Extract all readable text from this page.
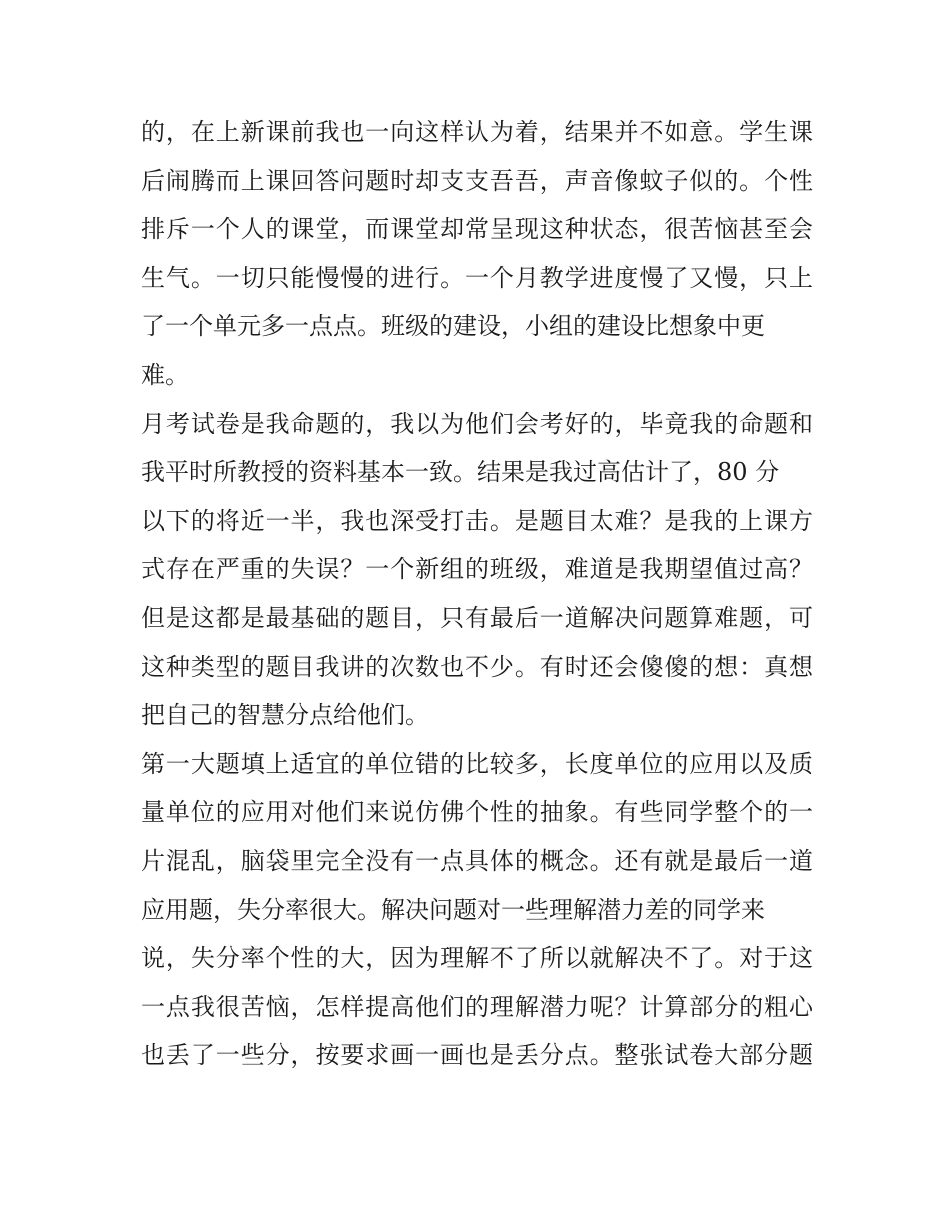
的，在上新课前我也一向这样认为着，结果并不如意。学生课
后闹腾而上课回答问题时却支支吾吾，声音像蚊子似的。个性
排斥一个人的课堂，而课堂却常呈现这种状态，很苦恼甚至会
生气。一切只能慢慢的进行。一个月教学进度慢了又慢，只上
了一个单元多一点点。班级的建设，小组的建设比想象中更
难。
月考试卷是我命题的，我以为他们会考好的，毕竟我的命题和
我平时所教授的资料基本一致。结果是我过高估计了，80 分
以下的将近一半，我也深受打击。是题目太难？是我的上课方
式存在严重的失误？一个新组的班级，难道是我期望值过高？
但是这都是最基础的题目，只有最后一道解决问题算难题，可
这种类型的题目我讲的次数也不少。有时还会傻傻的想：真想
把自己的智慧分点给他们。
第一大题填上适宜的单位错的比较多，长度单位的应用以及质
量单位的应用对他们来说仿佛个性的抽象。有些同学整个的一
片混乱，脑袋里完全没有一点具体的概念。还有就是最后一道
应用题，失分率很大。解决问题对一些理解潜力差的同学来
说，失分率个性的大，因为理解不了所以就解决不了。对于这
一点我很苦恼，怎样提高他们的理解潜力呢？计算部分的粗心
也丢了一些分，按要求画一画也是丢分点。整张试卷大部分题
